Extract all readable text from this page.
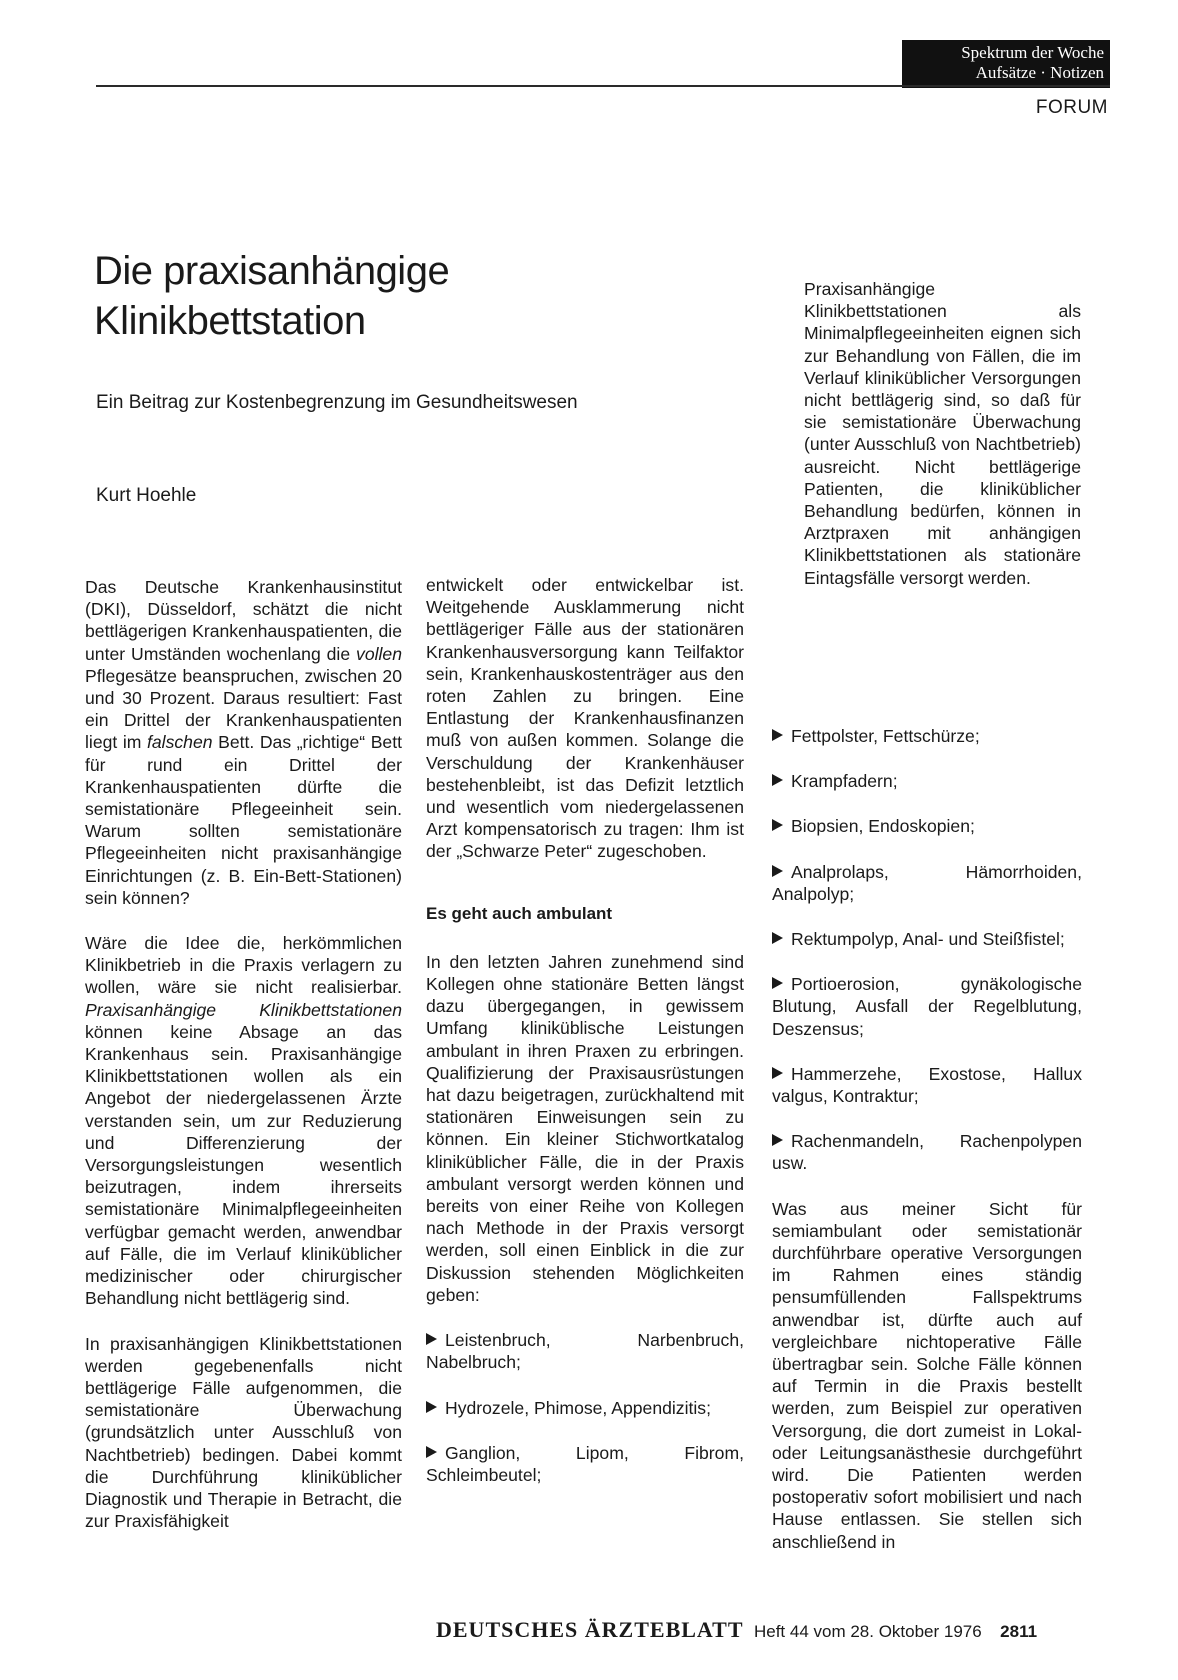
Spektrum der Woche
Aufsätze · Notizen
FORUM
Die praxisanhängige
Klinikbettstation

Ein Beitrag zur Kostenbegrenzung im Gesundheitswesen

Kurt Hoehle

Das Deutsche Krankenhausinstitut (DKI), Düsseldorf, schätzt die nicht bettlägerigen Krankenhauspatienten, die unter Umständen wochenlang die vollen Pflegesätze beanspruchen, zwischen 20 und 30 Prozent. Daraus resultiert: Fast ein Drittel der Krankenhauspatienten liegt im falschen Bett. Das „richtige“ Bett für rund ein Drittel der Krankenhauspatienten dürfte die semistationäre Pflegeeinheit sein. Warum sollten semistationäre Pflegeeinheiten nicht praxisanhängige Einrichtungen (z. B. Ein-Bett-Stationen) sein können?

Wäre die Idee die, herkömmlichen Klinikbetrieb in die Praxis verlagern zu wollen, wäre sie nicht realisierbar. Praxisanhängige Klinikbettstationen können keine Absage an das Krankenhaus sein. Praxisanhängige Klinikbettstationen wollen als ein Angebot der niedergelassenen Ärzte verstanden sein, um zur Reduzierung und Differenzierung der Versorgungsleistungen wesentlich beizutragen, indem ihrerseits semistationäre Minimalpflegeeinheiten verfügbar gemacht werden, anwendbar auf Fälle, die im Verlauf kliniküblicher medizinischer oder chirurgischer Behandlung nicht bettlägerig sind.

In praxisanhängigen Klinikbettstationen werden gegebenenfalls nicht bettlägerige Fälle aufgenommen, die semistationäre Überwachung (grundsätzlich unter Ausschluß von Nachtbetrieb) bedingen. Dabei kommt die Durchführung kliniküblicher Diagnostik und Therapie in Betracht, die zur Praxisfähigkeit

entwickelt oder entwickelbar ist. Weitgehende Ausklammerung nicht bettlägeriger Fälle aus der stationären Krankenhausversorgung kann Teilfaktor sein, Krankenhauskostenträger aus den roten Zahlen zu bringen. Eine Entlastung der Krankenhausfinanzen muß von außen kommen. Solange die Verschuldung der Krankenhäuser bestehenbleibt, ist das Defizit letztlich und wesentlich vom niedergelassenen Arzt kompensatorisch zu tragen: Ihm ist der „Schwarze Peter“ zugeschoben.

Es geht auch ambulant

In den letzten Jahren zunehmend sind Kollegen ohne stationäre Betten längst dazu übergegangen, in gewissem Umfang kliniküblische Leistungen ambulant in ihren Praxen zu erbringen. Qualifizierung der Praxisausrüstungen hat dazu beigetragen, zurückhaltend mit stationären Einweisungen sein zu können. Ein kleiner Stichwortkatalog kliniküblicher Fälle, die in der Praxis ambulant versorgt werden können und bereits von einer Reihe von Kollegen nach Methode in der Praxis versorgt werden, soll einen Einblick in die zur Diskussion stehenden Möglichkeiten geben:

Leistenbruch, Narbenbruch, Nabelbruch;
Hydrozele, Phimose, Appendizitis;
Ganglion, Lipom, Fibrom, Schleimbeutel;

Praxisanhängige Klinikbettstationen als Minimalpflegeeinheiten eignen sich zur Behandlung von Fällen, die im Verlauf kliniküblicher Versorgungen nicht bettlägerig sind, so daß für sie semistationäre Überwachung (unter Ausschluß von Nachtbetrieb) ausreicht. Nicht bettlägerige Patienten, die kliniküblicher Behandlung bedürfen, können in Arztpraxen mit anhängigen Klinikbettstationen als stationäre Eintagsfälle versorgt werden.

Fettpolster, Fettschürze;
Krampfadern;
Biopsien, Endoskopien;
Analprolaps, Hämorrhoiden, Analpolyp;
Rektumpolyp, Anal- und Steißfistel;
Portioerosion, gynäkologische Blutung, Ausfall der Regelblutung, Deszensus;
Hammerzehe, Exostose, Hallux valgus, Kontraktur;
Rachenmandeln, Rachenpolypen usw.

Was aus meiner Sicht für semiambulant oder semistationär durchführbare operative Versorgungen im Rahmen eines ständig pensumfüllenden Fallspektrums anwendbar ist, dürfte auch auf vergleichbare nichtoperative Fälle übertragbar sein. Solche Fälle können auf Termin in die Praxis bestellt werden, zum Beispiel zur operativen Versorgung, die dort zumeist in Lokal- oder Leitungsanästhesie durchgeführt wird. Die Patienten werden postoperativ sofort mobilisiert und nach Hause entlassen. Sie stellen sich anschließend in

DEUTSCHES ÄRZTEBLATT Heft 44 vom 28. Oktober 1976 2811
